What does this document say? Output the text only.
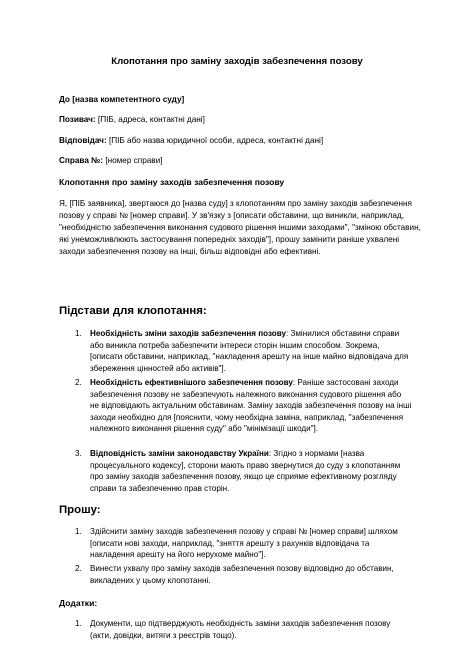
Клопотання про заміну заходів забезпечення позову
До [назва компетентного суду]
Позивач: [ПІБ, адреса, контактні дані]
Відповідач: [ПІБ або назва юридичної особи, адреса, контактні дані]
Справа №: [номер справи]
Клопотання про заміну заходів забезпечення позову
Я, [ПІБ заявника], звертаюся до [назва суду] з клопотанням про заміну заходів забезпечення позову у справі № [номер справи]. У зв'язку з [описати обставини, що виникли, наприклад, "необхідністю забезпечення виконання судового рішення іншими заходами", "зміною обставин, які унеможливлюють застосування попередніх заходів"], прошу замінити раніше ухвалені заходи забезпечення позову на інші, більш відповідні або ефективні.
Підстави для клопотання:
1. Необхідність зміни заходів забезпечення позову: Змінилися обставини справи або виникла потреба забезпечити інтереси сторін іншим способом. Зокрема, [описати обставини, наприклад, "накладення арешту на інше майно відповідача для збереження цінностей або активів"].
2. Необхідність ефективнішого забезпечення позову: Раніше застосовані заходи забезпечення позову не забезпечують належного виконання судового рішення або не відповідають актуальним обставинам. Заміну заходів забезпечення позову на інші заходи необхідно для [пояснити, чому необхідна заміна, наприклад, "забезпечення належного виконання рішення суду" або "мінімізації шкоди"].
3. Відповідність заміни законодавству України: Згідно з нормами [назва процесуального кодексу], сторони мають право звернутися до суду з клопотанням про заміну заходів забезпечення позову, якщо це сприяме ефективному розгляду справи та забезпеченню прав сторін.
Прошу:
1. Здійснити заміну заходів забезпечення позову у справі № [номер справи] шляхом [описати нові заходи, наприклад, "зняття арешту з рахунків відповідача та накладення арешту на його нерухоме майно"].
2. Винести ухвалу про заміну заходів забезпечення позову відповідно до обставин, викладених у цьому клопотанні.
Додатки:
1. Документи, що підтверджують необхідність заміни заходів забезпечення позову (акти, довідки, витяги з реєстрів тощо).
